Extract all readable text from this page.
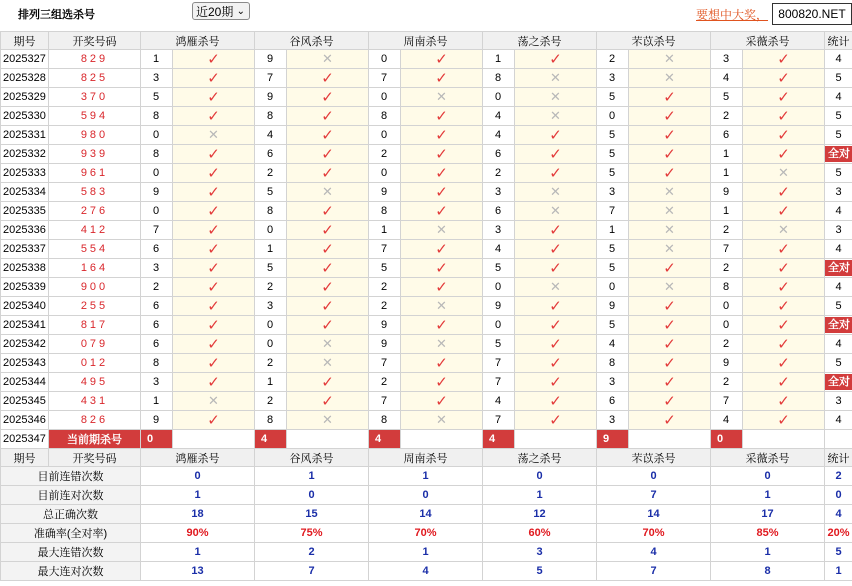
排列三组选杀号	近20期 ⌄	要想中大奖， 800820.NET
期号	开奖号码	鸿雁杀号		谷风杀号		周南杀号		荡之杀号		芣苡杀号		采薇杀号		统计
2025327	829	1	✓	9	✕	0	✓	1	✓	2	✕	3	✓	4
2025328	825	3	✓	7	✓	7	✓	8	✕	3	✕	4	✓	5
2025329	370	5	✓	9	✓	0	✕	0	✕	5	✓	5	✓	4
2025330	594	8	✓	8	✓	8	✓	4	✕	0	✓	2	✓	5
2025331	980	0	✕	4	✓	0	✓	4	✓	5	✓	6	✓	5
2025332	939	8	✓	6	✓	2	✓	6	✓	5	✓	1	✓	全对
2025333	961	0	✓	2	✓	0	✓	2	✓	5	✓	1	✕	5
2025334	583	9	✓	5	✕	9	✓	3	✕	3	✕	9	✓	3
2025335	276	0	✓	8	✓	8	✓	6	✕	7	✕	1	✓	4
2025336	412	7	✓	0	✓	1	✕	3	✓	1	✕	2	✕	3
2025337	554	6	✓	1	✓	7	✓	4	✓	5	✕	7	✓	4
2025338	164	3	✓	5	✓	5	✓	5	✓	5	✓	2	✓	全对
2025339	900	2	✓	2	✓	2	✓	0	✕	0	✕	8	✓	4
2025340	255	6	✓	3	✓	2	✕	9	✓	9	✓	0	✓	5
2025341	817	6	✓	0	✓	9	✓	0	✓	5	✓	0	✓	全对
2025342	079	6	✓	0	✕	9	✕	5	✓	4	✓	2	✓	4
2025343	012	8	✓	2	✕	7	✓	7	✓	8	✓	9	✓	5
2025344	495	3	✓	1	✓	2	✓	7	✓	3	✓	2	✓	全对
2025345	431	1	✕	2	✓	7	✓	4	✓	6	✓	7	✓	3
2025346	826	9	✓	8	✕	8	✕	7	✓	3	✓	4	✓	4
2025347	当前期杀号	0		4		4		4		9		0		
期号	开奖号码	鸿雁杀号		谷风杀号		周南杀号		荡之杀号		芣苡杀号		采薇杀号		统计
目前连错次数		0		1		1		0		0		0		2
目前连对次数		1		0		0		1		7		1		0
总正确次数		18		15		14		12		14		17		4
准确率(全对率)		90%		75%		70%		60%		70%		85%		20%
最大连错次数		1		2		1		3		4		1		5
最大连对次数		13		7		4		5		7		8		1
